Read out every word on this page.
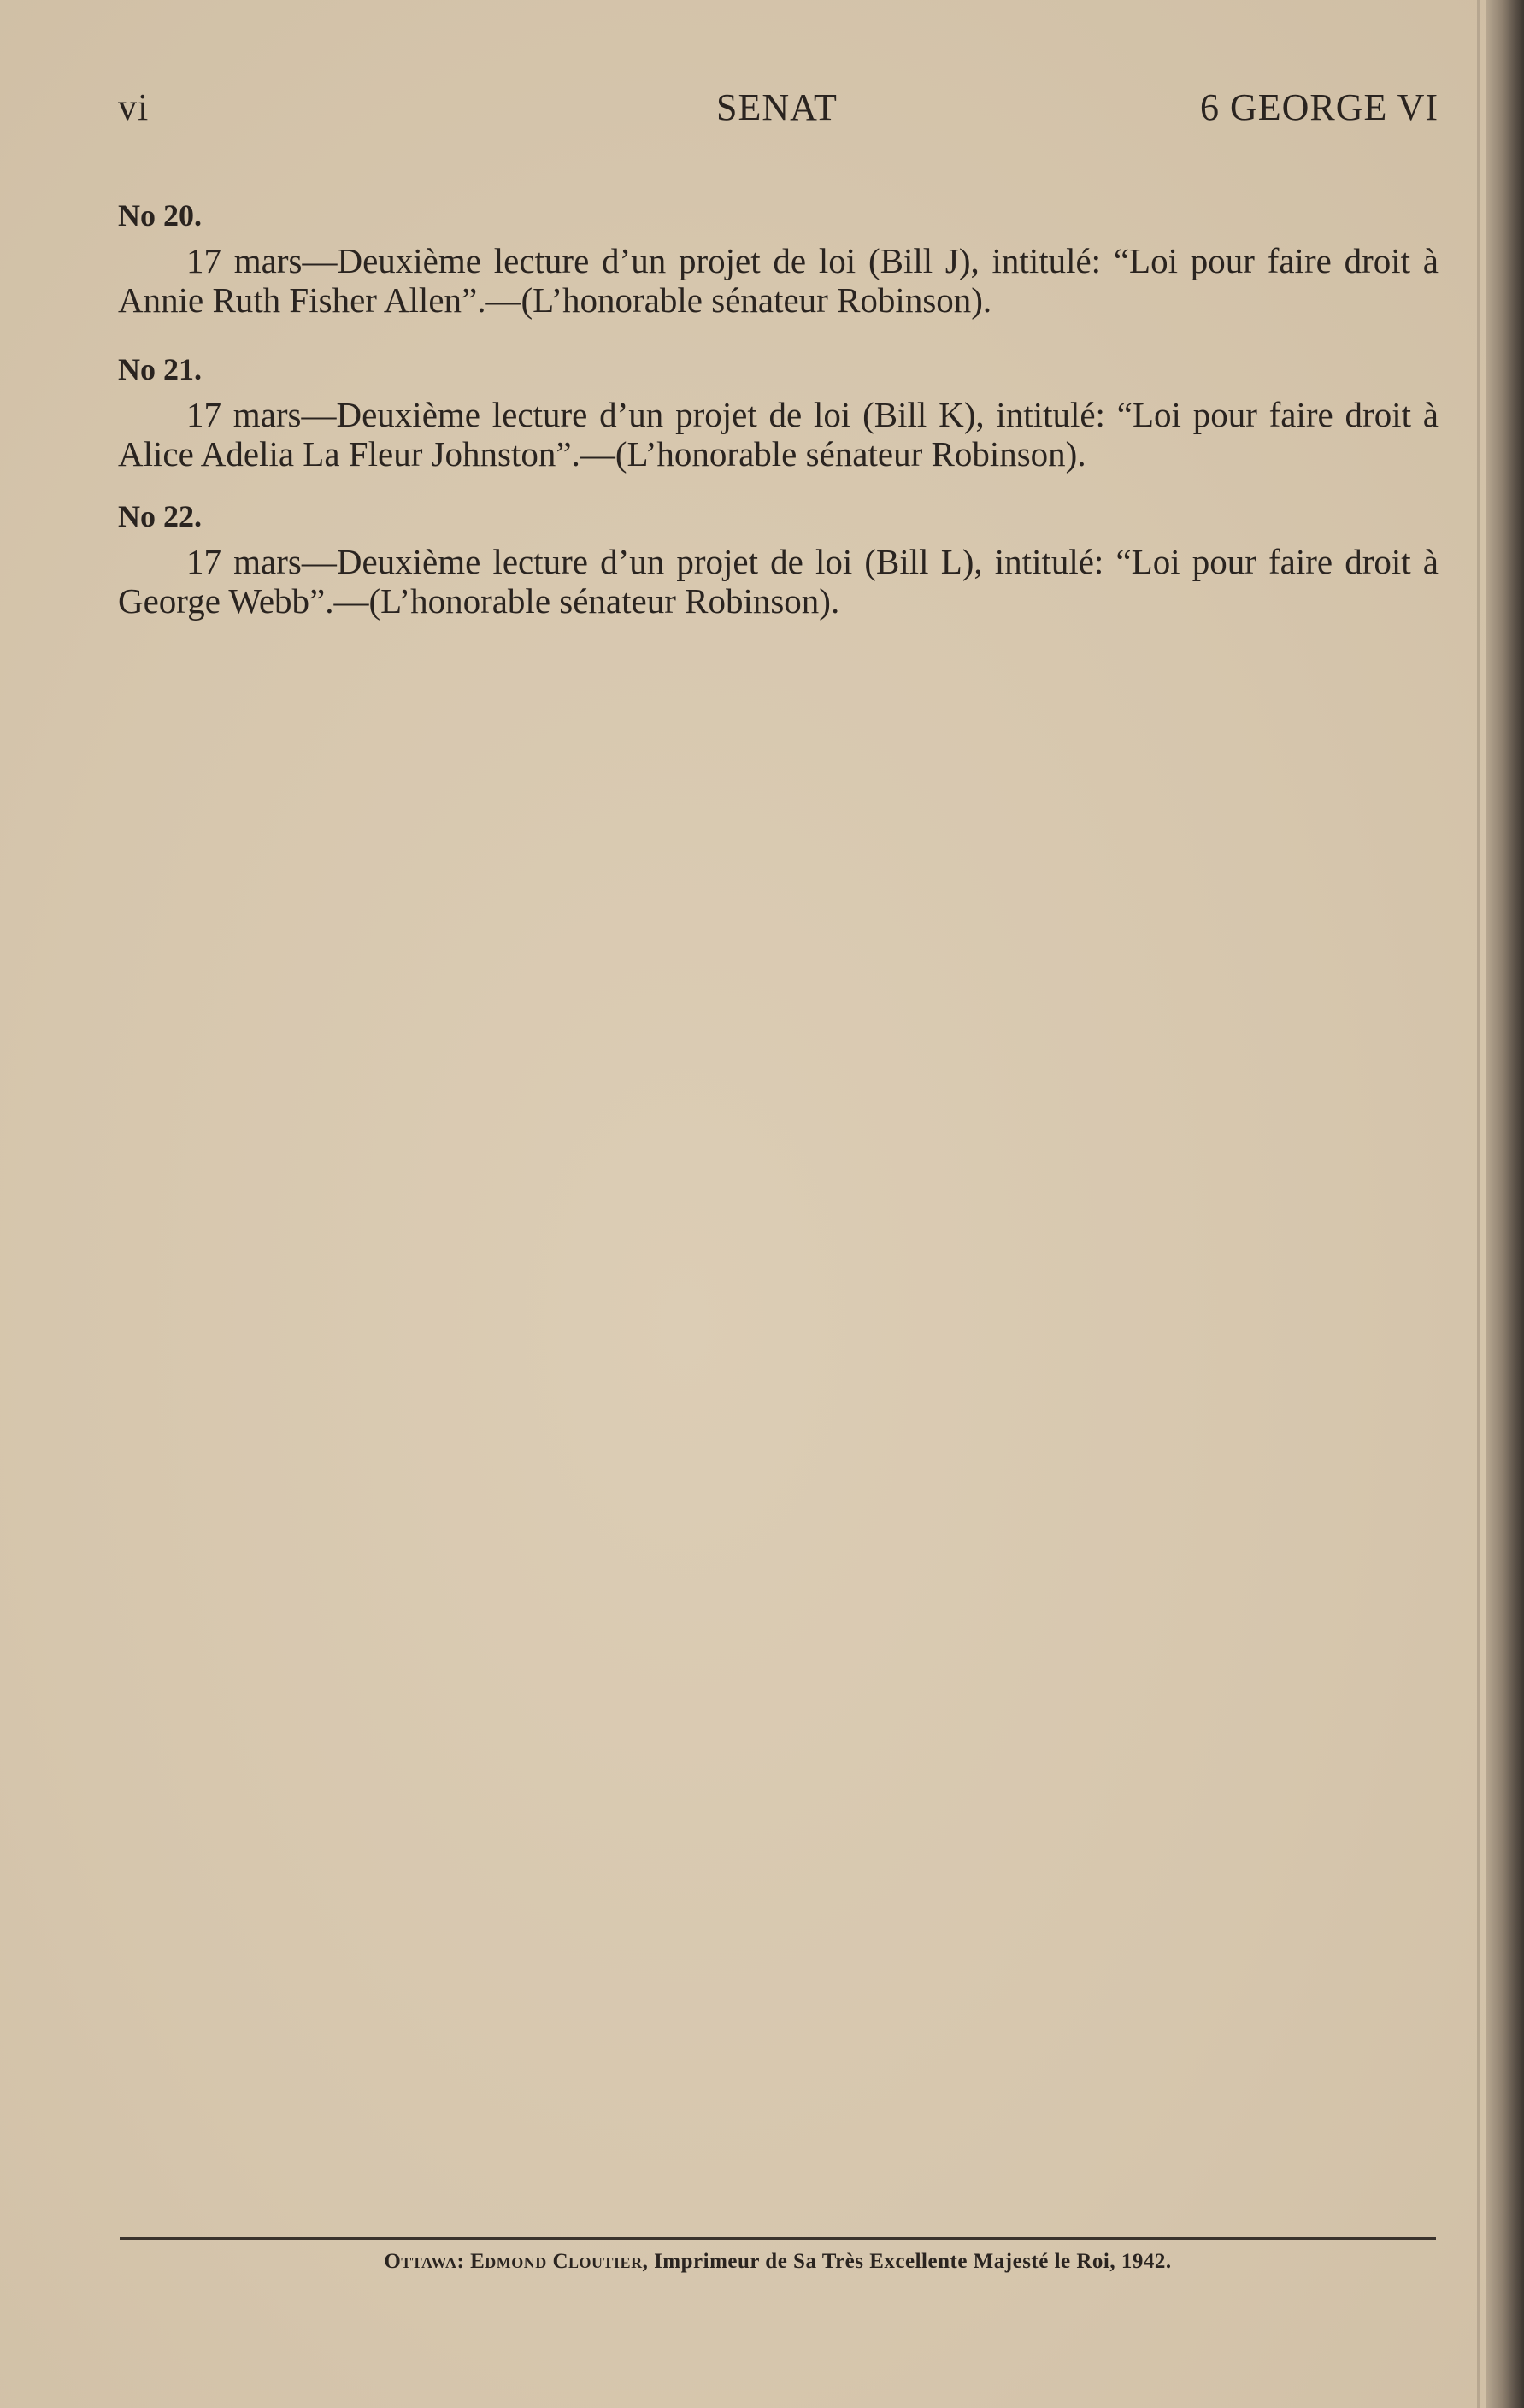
vi	SENAT	6 GEORGE VI
No 20.
17 mars—Deuxième lecture d’un projet de loi (Bill J), intitulé: “Loi pour faire droit à Annie Ruth Fisher Allen”.—(L’honorable sénateur Robinson).
No 21.
17 mars—Deuxième lecture d’un projet de loi (Bill K), intitulé: “Loi pour faire droit à Alice Adelia La Fleur Johnston”.—(L’honorable sénateur Robinson).
No 22.
17 mars—Deuxième lecture d’un projet de loi (Bill L), intitulé: “Loi pour faire droit à George Webb”.—(L’honorable sénateur Robinson).
Ottawa: Edmond Cloutier, Imprimeur de Sa Très Excellente Majesté le Roi, 1942.
